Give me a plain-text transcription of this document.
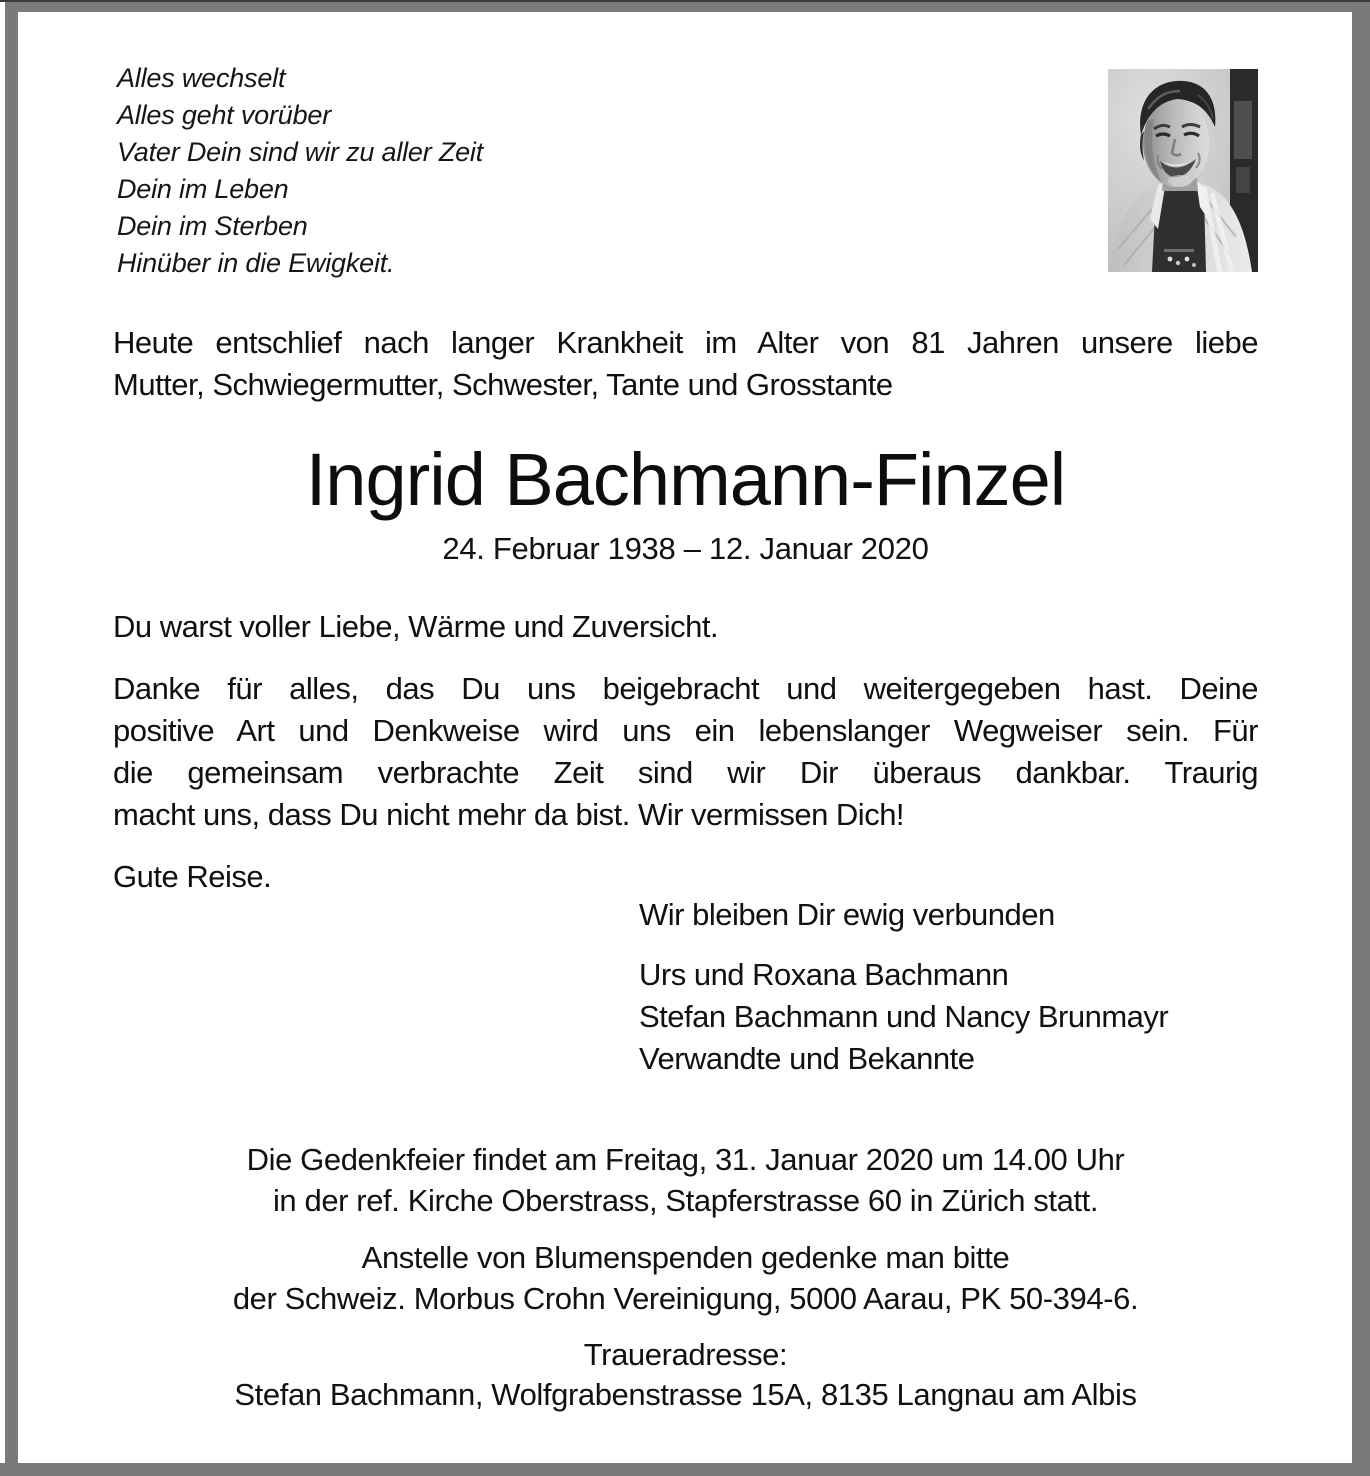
Alles wechselt
Alles geht vorüber
Vater Dein sind wir zu aller Zeit
Dein im Leben
Dein im Sterben
Hinüber in die Ewigkeit.
Heute entschlief nach langer Krankheit im Alter von 81 Jahren unsere liebe
Mutter, Schwiegermutter, Schwester, Tante und Grosstante
Ingrid Bachmann-Finzel
24. Februar 1938 – 12. Januar 2020
Du warst voller Liebe, Wärme und Zuversicht.
Danke für alles, das Du uns beigebracht und weitergegeben hast. Deine
positive Art und Denkweise wird uns ein lebenslanger Wegweiser sein. Für
die gemeinsam verbrachte Zeit sind wir Dir überaus dankbar. Traurig
macht uns, dass Du nicht mehr da bist. Wir vermissen Dich!
Gute Reise.
Wir bleiben Dir ewig verbunden
Urs und Roxana Bachmann
Stefan Bachmann und Nancy Brunmayr
Verwandte und Bekannte
Die Gedenkfeier findet am Freitag, 31. Januar 2020 um 14.00 Uhr
in der ref. Kirche Oberstrass, Stapferstrasse 60 in Zürich statt.
Anstelle von Blumenspenden gedenke man bitte
der Schweiz. Morbus Crohn Vereinigung, 5000 Aarau, PK 50-394-6.
Traueradresse:
Stefan Bachmann, Wolfgrabenstrasse 15A, 8135 Langnau am Albis
